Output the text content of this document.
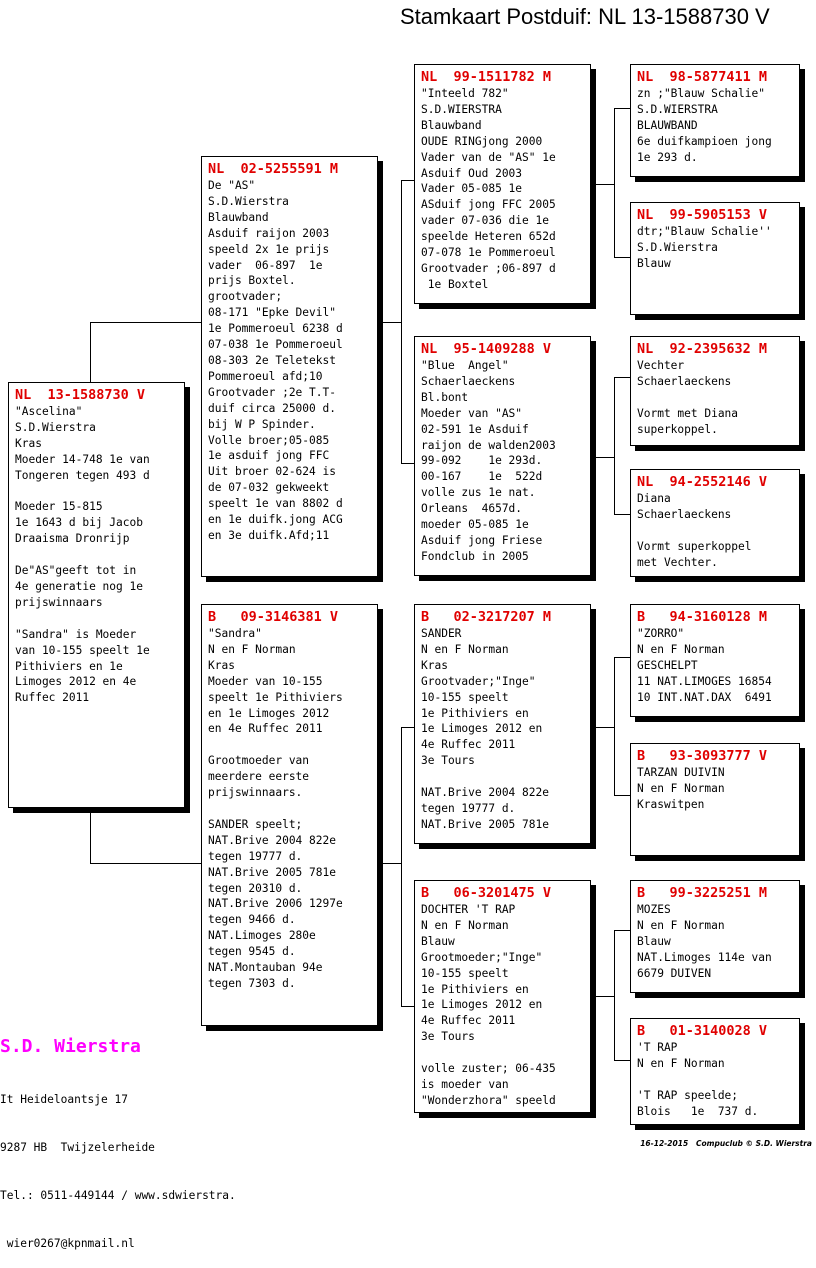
Stamkaart Postduif: NL 13-1588730 V
NL  13-1588730 V
"Ascelina"
S.D.Wierstra
Kras
Moeder 14-748 1e van
Tongeren tegen 493 d

Moeder 15-815
1e 1643 d bij Jacob
Draaisma Dronrijp

De"AS"geeft tot in
4e generatie nog 1e
prijswinnaars

"Sandra" is Moeder
van 10-155 speelt 1e
Pithiviers en 1e
Limoges 2012 en 4e
Ruffec 2011
NL  02-5255591 M
De "AS"
S.D.Wierstra
Blauwband
Asduif raijon 2003
speeld 2x 1e prijs
vader  06-897  1e
prijs Boxtel.
grootvader;
08-171 "Epke Devil"
1e Pommeroeul 6238 d
07-038 1e Pommeroeul
08-303 2e Teletekst
Pommeroeul afd;10
Grootvader ;2e T.T-
duif circa 25000 d.
bij W P Spinder.
Volle broer;05-085
1e asduif jong FFC
Uit broer 02-624 is
de 07-032 gekweekt
speelt 1e van 8802 d
en 1e duifk.jong ACG
en 3e duifk.Afd;11
B   09-3146381 V
"Sandra"
N en F Norman
Kras
Moeder van 10-155
speelt 1e Pithiviers
en 1e Limoges 2012
en 4e Ruffec 2011

Grootmoeder van
meerdere eerste
prijswinnaars.

SANDER speelt;
NAT.Brive 2004 822e
tegen 19777 d.
NAT.Brive 2005 781e
tegen 20310 d.
NAT.Brive 2006 1297e
tegen 9466 d.
NAT.Limoges 280e
tegen 9545 d.
NAT.Montauban 94e
tegen 7303 d.
NL  99-1511782 M
"Inteeld 782"
S.D.WIERSTRA
Blauwband
OUDE RINGjong 2000
Vader van de "AS" 1e
Asduif Oud 2003
Vader 05-085 1e
ASduif jong FFC 2005
vader 07-036 die 1e
speelde Heteren 652d
07-078 1e Pommeroeul
Grootvader ;06-897 d
1e Boxtel
NL  95-1409288 V
"Blue  Angel"
Schaerlaeckens
Bl.bont
Moeder van "AS"
02-591 1e Asduif
raijon de walden2003
99-092    1e 293d.
00-167    1e  522d
volle zus 1e nat.
Orleans  4657d.
moeder 05-085 1e
Asduif jong Friese
Fondclub in 2005
B   02-3217207 M
SANDER
N en F Norman
Kras
Grootvader;"Inge"
10-155 speelt
1e Pithiviers en
1e Limoges 2012 en
4e Ruffec 2011
3e Tours

NAT.Brive 2004 822e
tegen 19777 d.
NAT.Brive 2005 781e
B   06-3201475 V
DOCHTER 'T RAP
N en F Norman
Blauw
Grootmoeder;"Inge"
10-155 speelt
1e Pithiviers en
1e Limoges 2012 en
4e Ruffec 2011
3e Tours

volle zuster; 06-435
is moeder van
"Wonderzhora" speeld
NL  98-5877411 M
zn ;"Blauw Schalie"
S.D.WIERSTRA
BLAUWBAND
6e duifkampioen jong
1e 293 d.
NL  99-5905153 V
dtr;"Blauw Schalie''
S.D.Wierstra
Blauw
NL  92-2395632 M
Vechter
Schaerlaeckens

Vormt met Diana
superkoppel.
NL  94-2552146 V
Diana
Schaerlaeckens

Vormt superkoppel
met Vechter.
B   94-3160128 M
"ZORRO"
N en F Norman
GESCHELPT
11 NAT.LIMOGES 16854
10 INT.NAT.DAX  6491
B   93-3093777 V
TARZAN DUIVIN
N en F Norman
Kraswitpen
B   99-3225251 M
MOZES
N en F Norman
Blauw
NAT.Limoges 114e van
6679 DUIVEN
B   01-3140028 V
'T RAP
N en F Norman

'T RAP speelde;
Blois   1e  737 d.
S.D. Wierstra

It Heideloantsje 17

9287 HB  Twijzelerheide

Tel.: 0511-449144 / www.sdwierstra.

wier0267@kpnmail.nl

16-12-2015   Compuclub © S.D. Wierstra
